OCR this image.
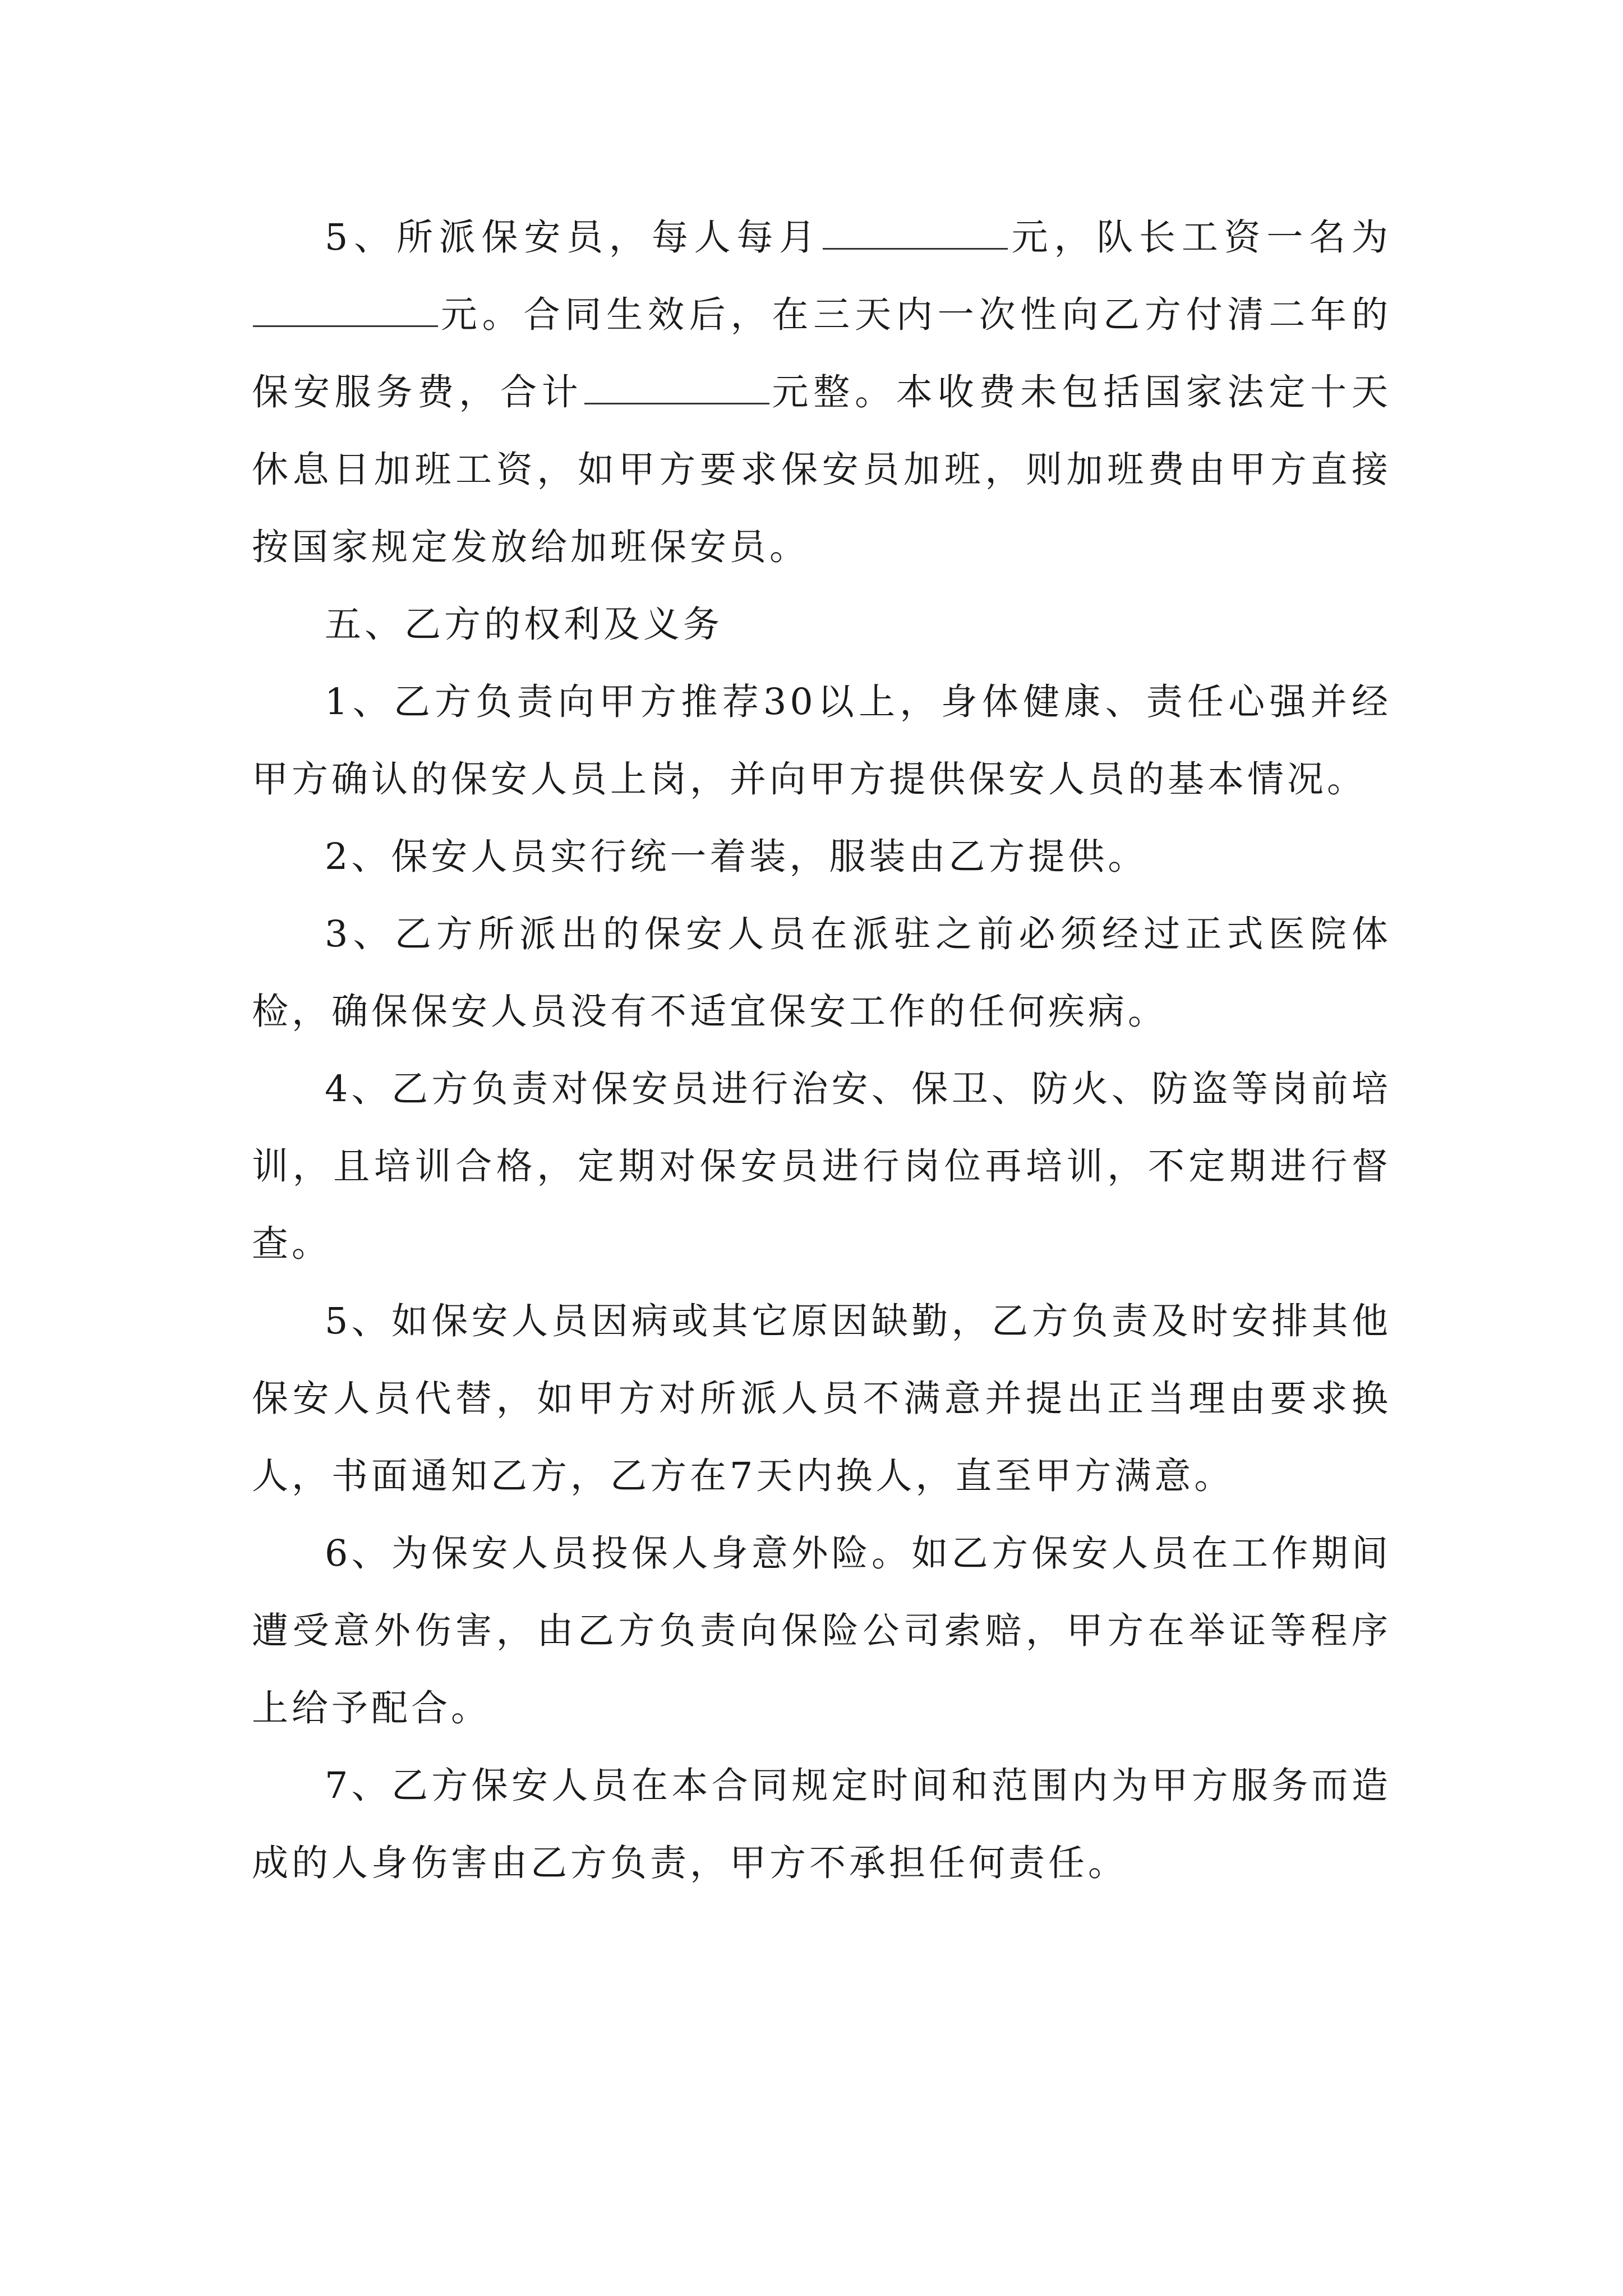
5、所派保安员，每人每月	元，队长工资一名为元。合同生效后，在三天内一次性向乙方付清二年的保安服务费，合计	元整。本收费未包括国家法定十天休息日加班工资，如甲方要求保安员加班，则加班费由甲方直接按国家规定发放给加班保安员。

五、乙方的权利及义务

1、乙方负责向甲方推荐30以上，身体健康、责任心强并经甲方确认的保安人员上岗，并向甲方提供保安人员的基本情况。

2、保安人员实行统一着装，服装由乙方提供。

3、乙方所派出的保安人员在派驻之前必须经过正式医院体检，确保保安人员没有不适宜保安工作的任何疾病。

4、乙方负责对保安员进行治安、保卫、防火、防盗等岗前培训，且培训合格，定期对保安员进行岗位再培训，不定期进行督查。

5、如保安人员因病或其它原因缺勤，乙方负责及时安排其他保安人员代替，如甲方对所派人员不满意并提出正当理由要求换人，书面通知乙方，乙方在7天内换人，直至甲方满意。

6、为保安人员投保人身意外险。如乙方保安人员在工作期间遭受意外伤害，由乙方负责向保险公司索赔，甲方在举证等程序上给予配合。

7、乙方保安人员在本合同规定时间和范围内为甲方服务而造成的人身伤害由乙方负责，甲方不承担任何责任。
